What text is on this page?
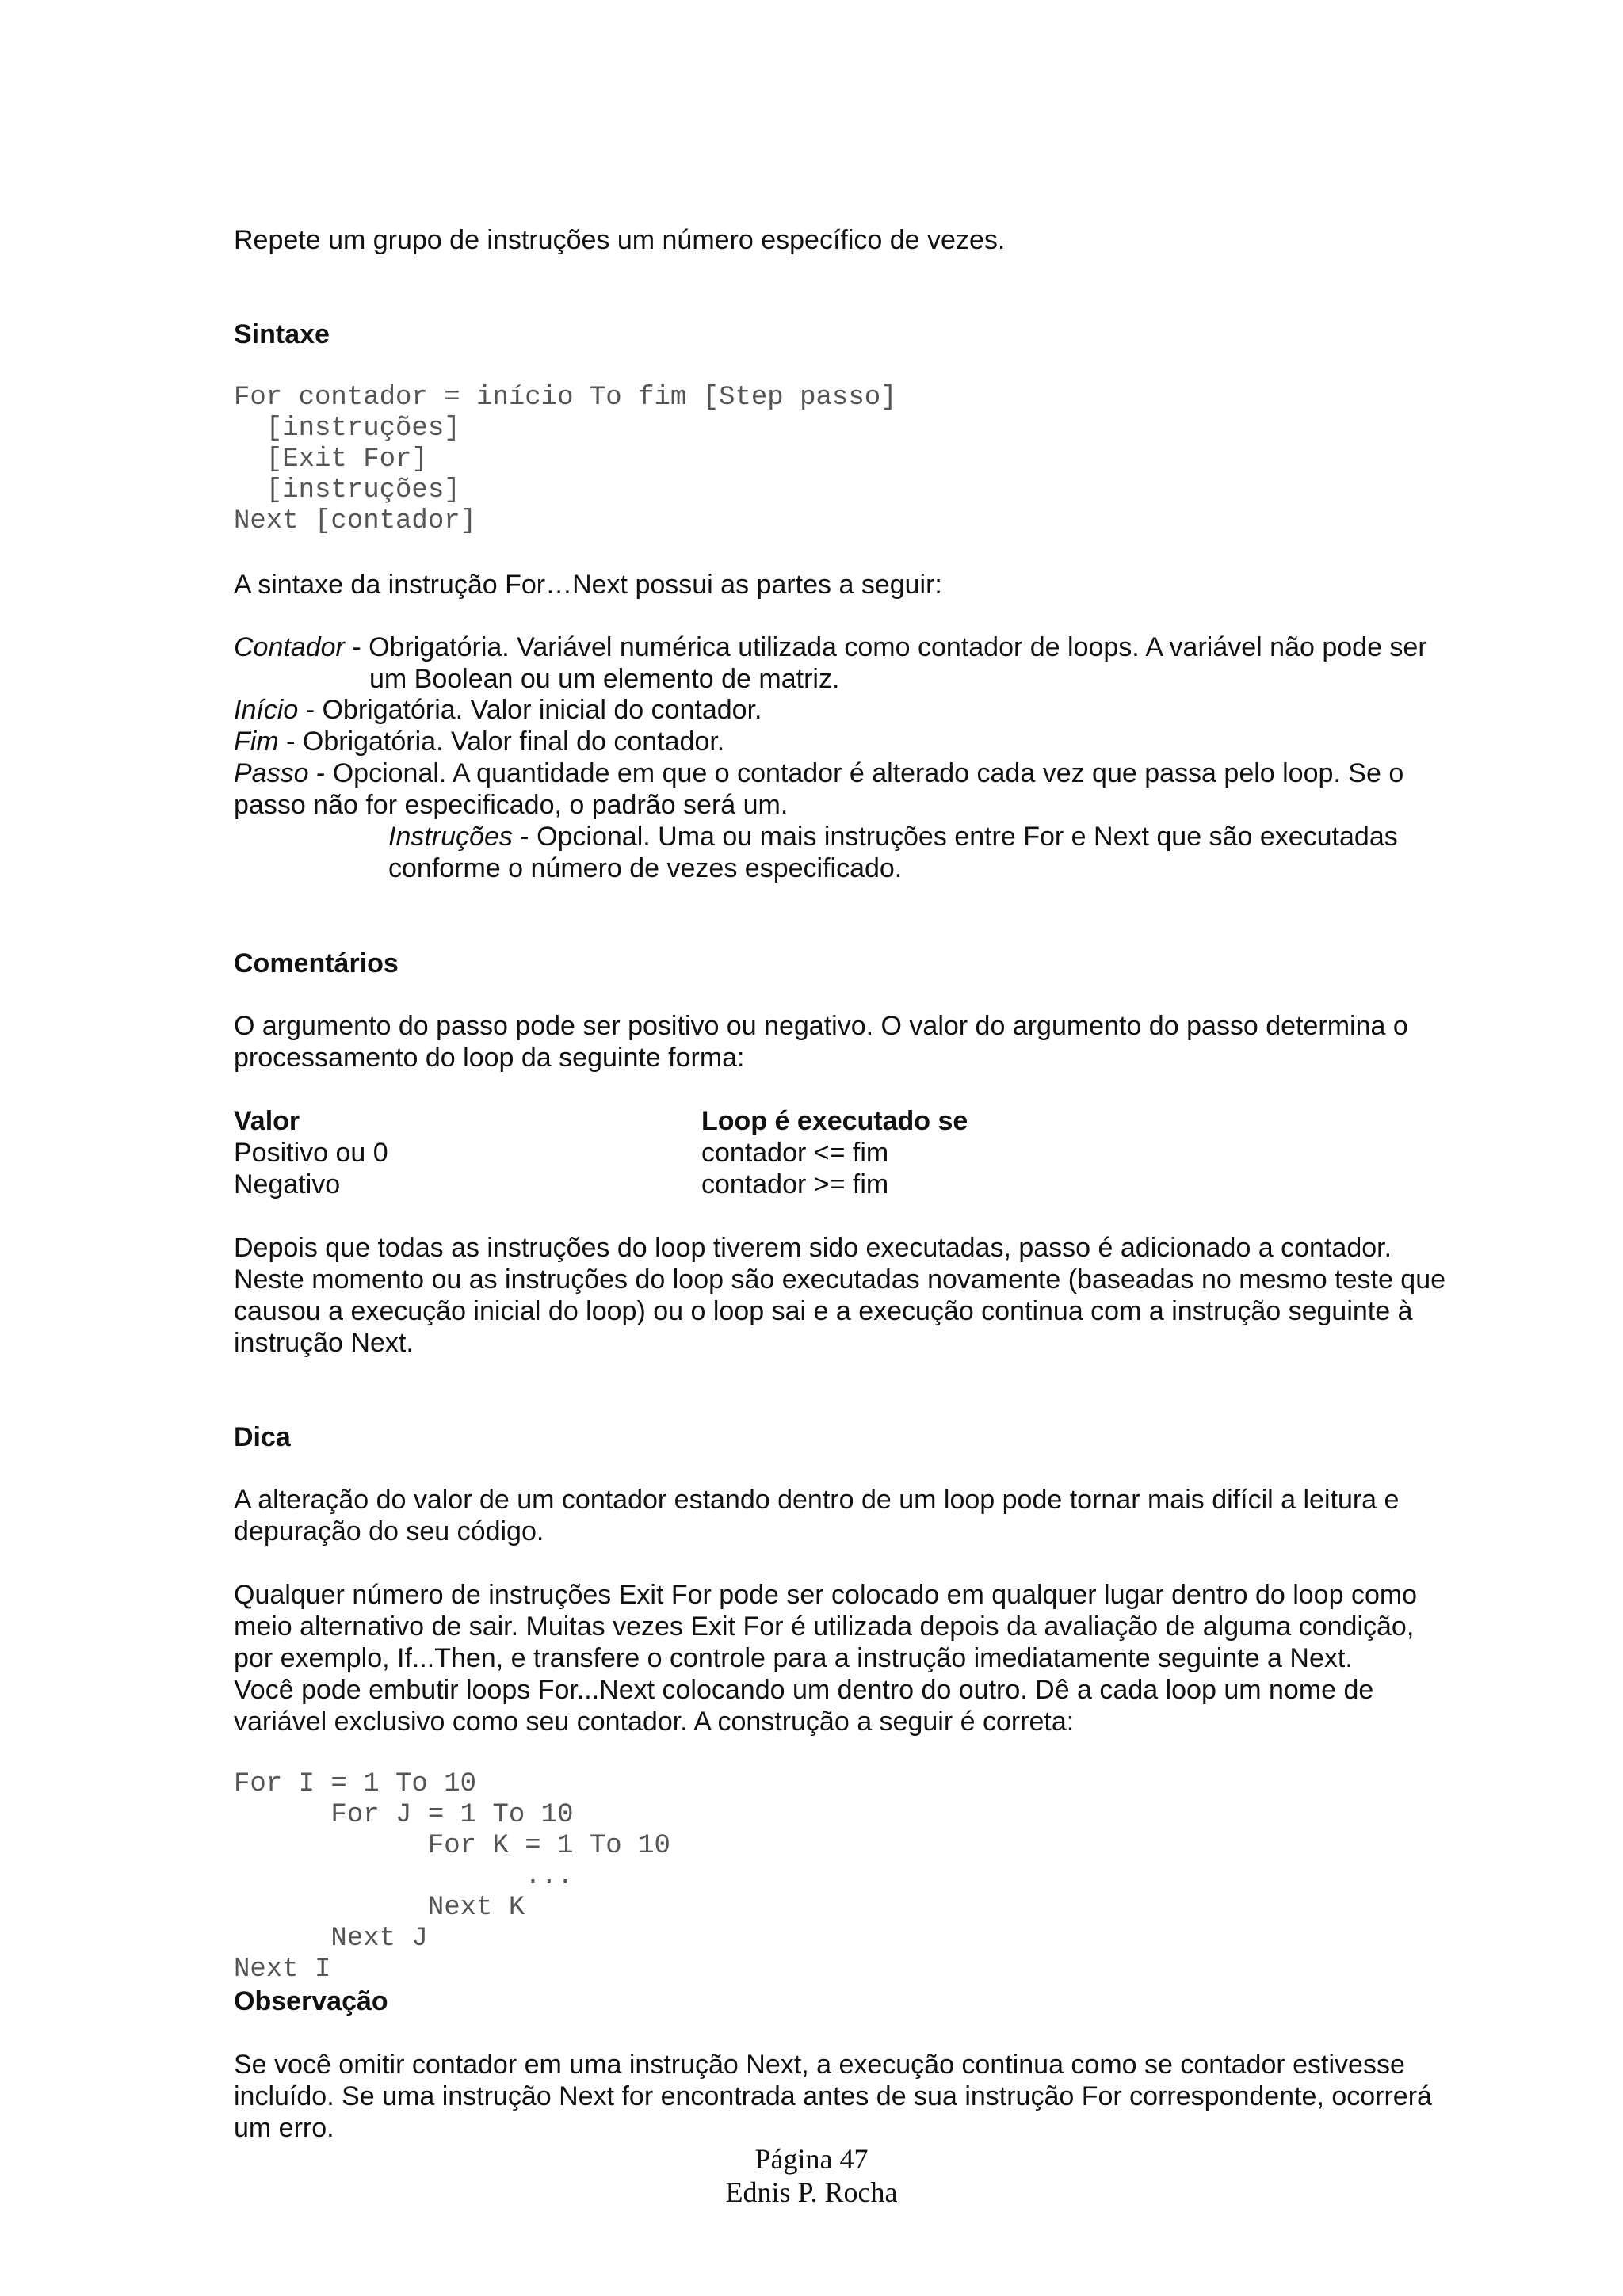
Repete um grupo de instruções um número específico de vezes.

Sintaxe

For contador = início To fim [Step passo]

[instruções]

[Exit For]

[instruções]

Next [contador]

A sintaxe da instrução For…Next possui as partes a seguir:

Contador - Obrigatória. Variável numérica utilizada como contador de loops. A variável não pode ser

um Boolean ou um elemento de matriz.

Início - Obrigatória. Valor inicial do contador.

Fim - Obrigatória. Valor final do contador.

Passo - Opcional. A quantidade em que o contador é alterado cada vez que passa pelo loop. Se o

passo não for especificado, o padrão será um.

Instruções - Opcional. Uma ou mais instruções entre For e Next que são executadas

conforme o número de vezes especificado.

Comentários

O argumento do passo pode ser positivo ou negativo. O valor do argumento do passo determina o

processamento do loop da seguinte forma:

Valor	Loop é executado se

Positivo ou 0	contador <= fim

Negativo	contador >= fim

Depois que todas as instruções do loop tiverem sido executadas, passo é adicionado a contador.

Neste momento ou as instruções do loop são executadas novamente (baseadas no mesmo teste que

causou a execução inicial do loop) ou o loop sai e a execução continua com a instrução seguinte à

instrução Next.

Dica

A alteração do valor de um contador estando dentro de um loop pode tornar mais difícil a leitura e

depuração do seu código.

Qualquer número de instruções Exit For pode ser colocado em qualquer lugar dentro do loop como

meio alternativo de sair. Muitas vezes Exit For é utilizada depois da avaliação de alguma condição,

por exemplo, If...Then, e transfere o controle para a instrução imediatamente seguinte a Next.

Você pode embutir loops For...Next colocando um dentro do outro. Dê a cada loop um nome de

variável exclusivo como seu contador. A construção a seguir é correta:

For I = 1 To 10

For J = 1 To 10

For K = 1 To 10

...

Next K

Next J

Next I

Observação

Se você omitir contador em uma instrução Next, a execução continua como se contador estivesse

incluído. Se uma instrução Next for encontrada antes de sua instrução For correspondente, ocorrerá

um erro.

Página 47

Ednis P. Rocha
